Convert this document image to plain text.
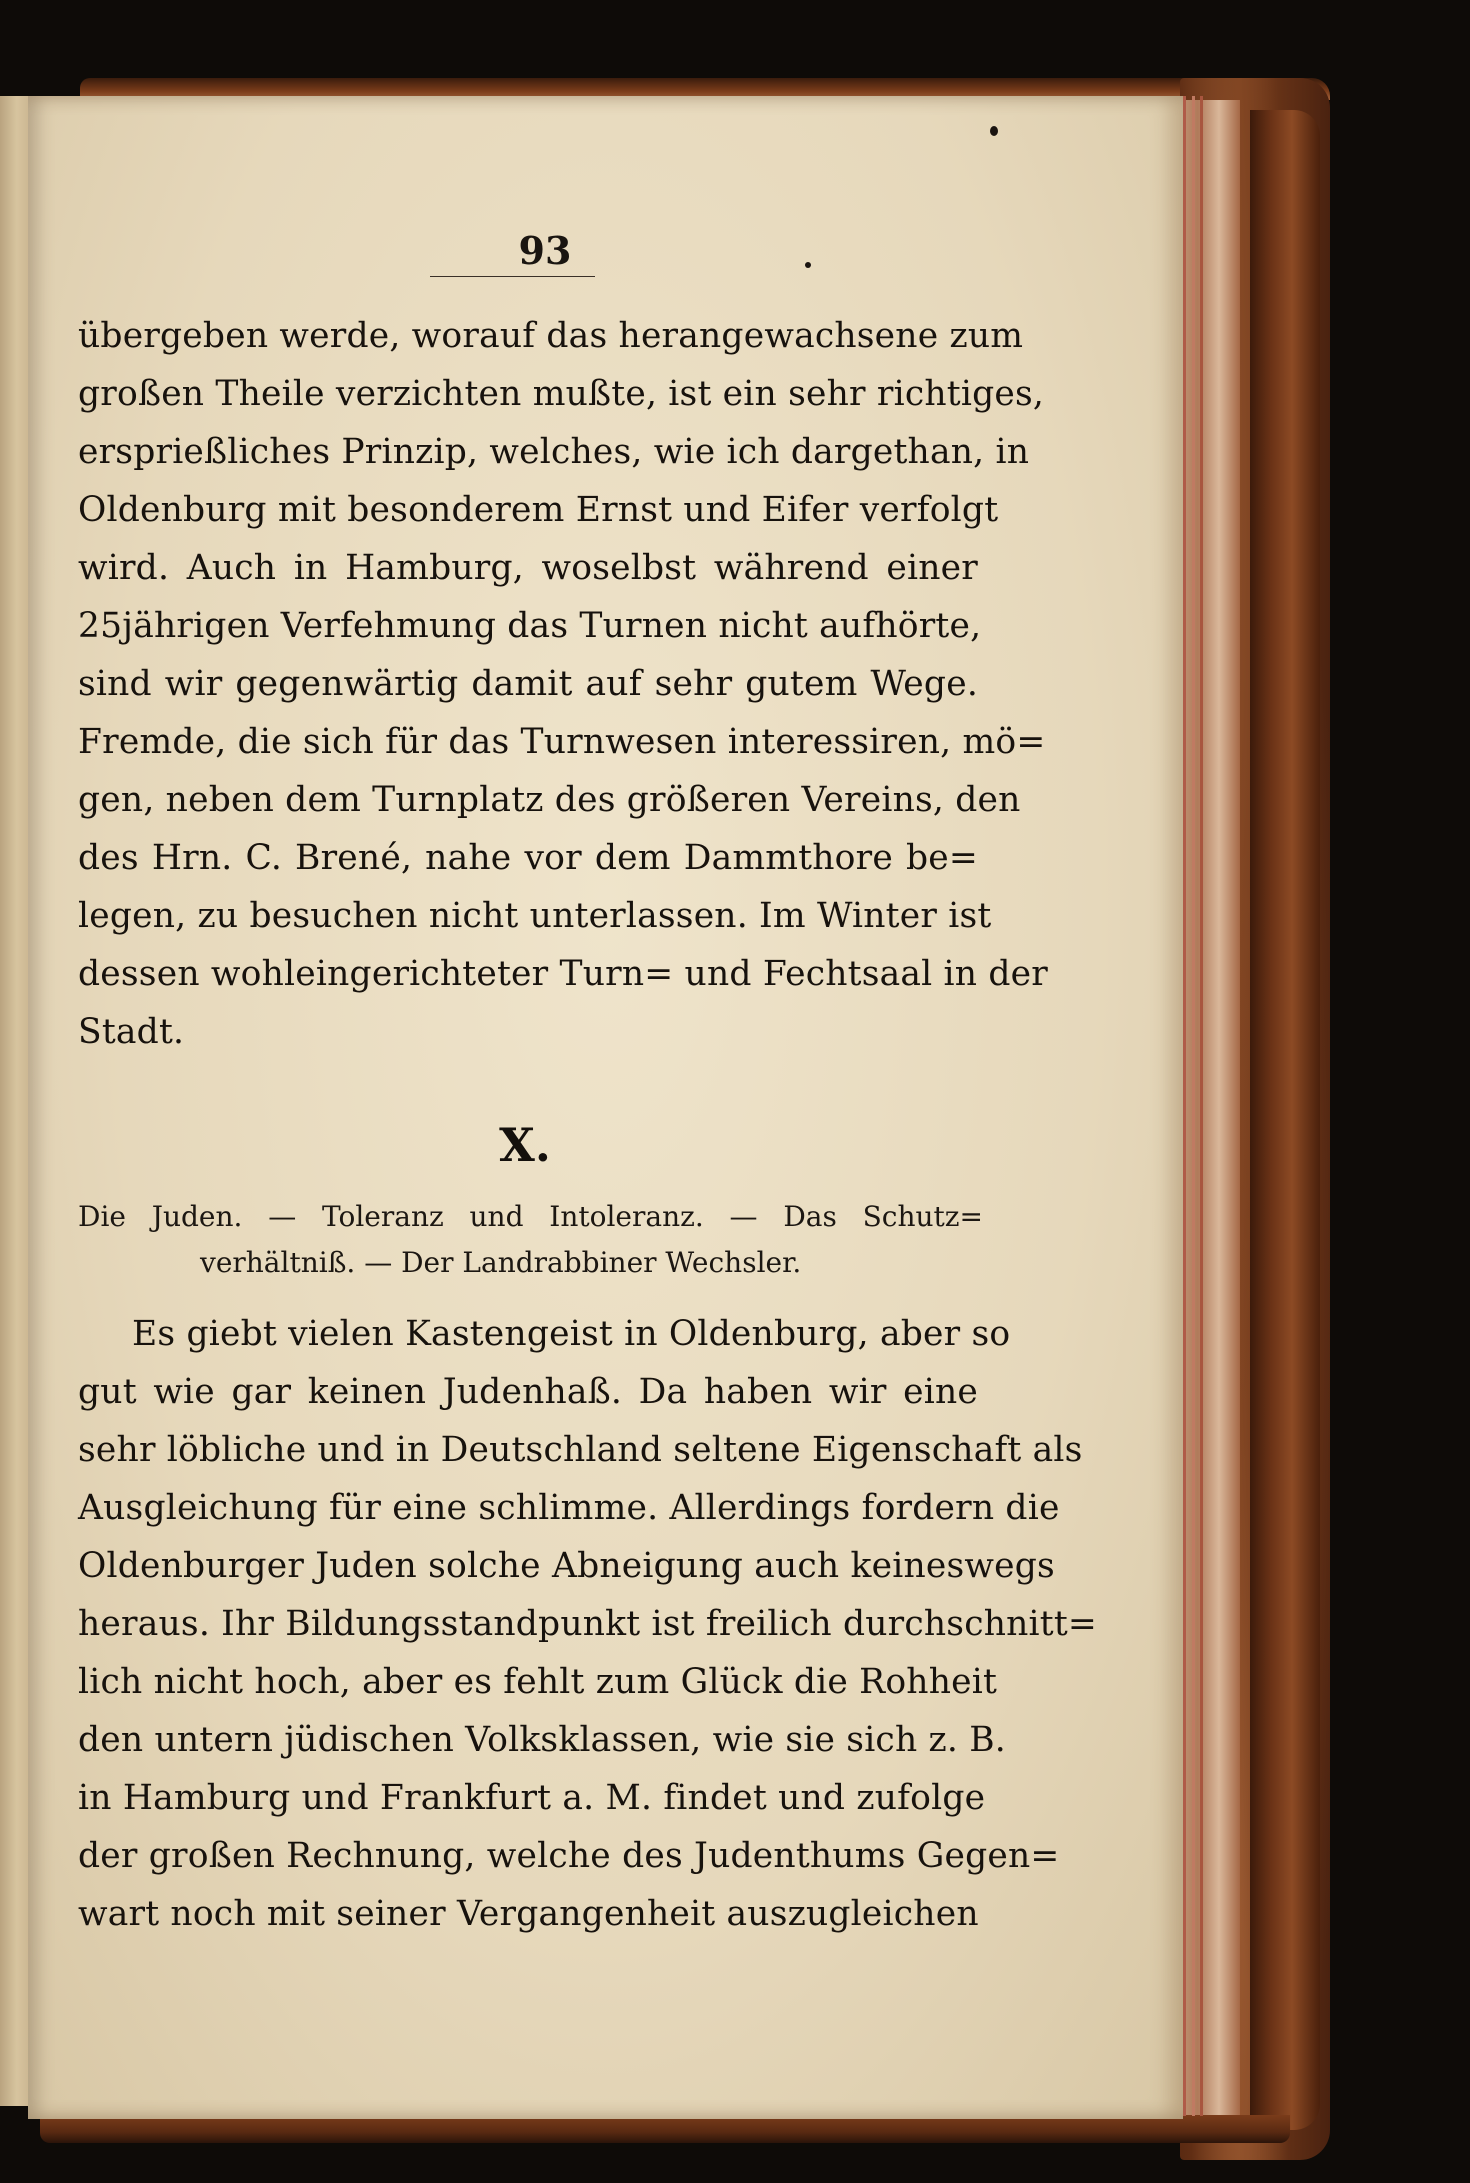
93
übergeben werde, worauf das herangewachsene zum
großen Theile verzichten mußte, ist ein sehr richtiges,
ersprießliches Prinzip, welches, wie ich dargethan, in
Oldenburg mit besonderem Ernst und Eifer verfolgt
wird. Auch in Hamburg, woselbst während einer
25jährigen Verfehmung das Turnen nicht aufhörte,
sind wir gegenwärtig damit auf sehr gutem Wege.
Fremde, die sich für das Turnwesen interessiren, mö=
gen, neben dem Turnplatz des größeren Vereins, den
des Hrn. C. Brené, nahe vor dem Dammthore be=
legen, zu besuchen nicht unterlassen. Im Winter ist
dessen wohleingerichteter Turn= und Fechtsaal in der
Stadt.
X.
Die Juden. — Toleranz und Intoleranz. — Das Schutz=
verhältniß. — Der Landrabbiner Wechsler.
Es giebt vielen Kastengeist in Oldenburg, aber so
gut wie gar keinen Judenhaß. Da haben wir eine
sehr löbliche und in Deutschland seltene Eigenschaft als
Ausgleichung für eine schlimme. Allerdings fordern die
Oldenburger Juden solche Abneigung auch keineswegs
heraus. Ihr Bildungsstandpunkt ist freilich durchschnitt=
lich nicht hoch, aber es fehlt zum Glück die Rohheit
den untern jüdischen Volksklassen, wie sie sich z. B.
in Hamburg und Frankfurt a. M. findet und zufolge
der großen Rechnung, welche des Judenthums Gegen=
wart noch mit seiner Vergangenheit auszugleichen
